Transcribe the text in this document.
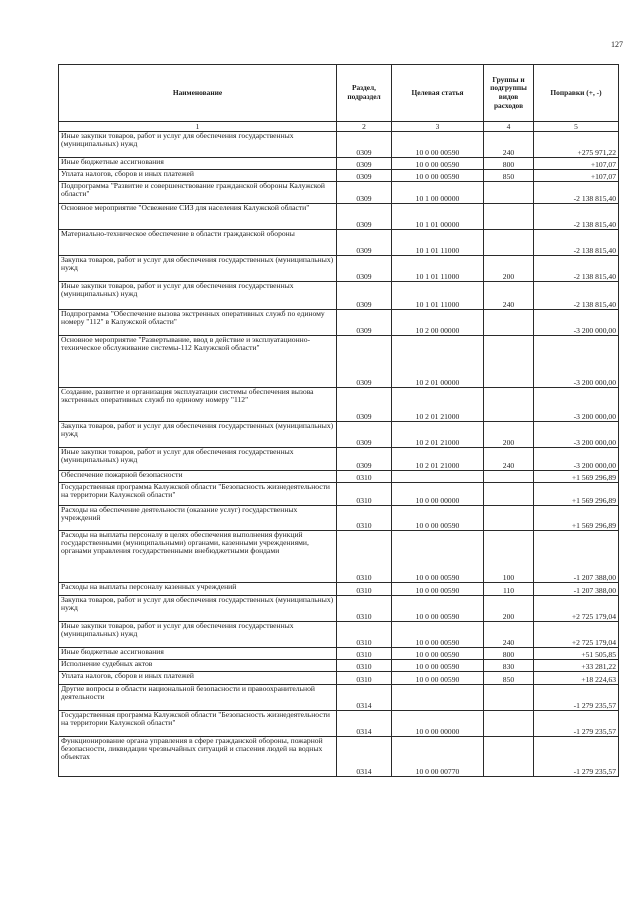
127
Наименование	Раздел, подраздел	Целевая статья	Группы и подгруппы видов расходов	Поправки (+, -)
1	2	3	4	5
Иные закупки товаров, работ и услуг для обеспечения государственных (муниципальных) нужд	0309	10 0 00 00590	240	+275 971,22
Иные бюджетные ассигнования	0309	10 0 00 00590	800	+107,07
Уплата налогов, сборов и иных платежей	0309	10 0 00 00590	850	+107,07
Подпрограмма "Развитие и совершенствование гражданской обороны Калужской области"	0309	10 1 00 00000		-2 138 815,40
Основное мероприятие "Освежение СИЗ для населения Калужской области"	0309	10 1 01 00000		-2 138 815,40
Материально-техническое обеспечение в области гражданской обороны	0309	10 1 01 11000		-2 138 815,40
Закупка товаров, работ и услуг для обеспечения государственных (муниципальных) нужд	0309	10 1 01 11000	200	-2 138 815,40
Иные закупки товаров, работ и услуг для обеспечения государственных (муниципальных) нужд	0309	10 1 01 11000	240	-2 138 815,40
Подпрограмма "Обеспечение вызова экстренных оперативных служб по единому номеру "112" в Калужской области"	0309	10 2 00 00000		-3 200 000,00
Основное мероприятие "Развертывание, ввод в действие и эксплуатационно-техническое обслуживание системы-112 Калужской области"	0309	10 2 01 00000		-3 200 000,00
Создание, развитие и организация эксплуатации системы обеспечения вызова экстренных оперативных служб по единому номеру "112"	0309	10 2 01 21000		-3 200 000,00
Закупка товаров, работ и услуг для обеспечения государственных (муниципальных) нужд	0309	10 2 01 21000	200	-3 200 000,00
Иные закупки товаров, работ и услуг для обеспечения государственных (муниципальных) нужд	0309	10 2 01 21000	240	-3 200 000,00
Обеспечение пожарной безопасности	0310			+1 569 296,89
Государственная программа Калужской области "Безопасность жизнедеятельности на территории Калужской области"	0310	10 0 00 00000		+1 569 296,89
Расходы на обеспечение деятельности (оказание услуг) государственных учреждений	0310	10 0 00 00590		+1 569 296,89
Расходы на выплаты персоналу в целях обеспечения выполнения функций государственными (муниципальными) органами, казенными учреждениями, органами управления государственными внебюджетными фондами	0310	10 0 00 00590	100	-1 207 388,00
Расходы на выплаты персоналу казенных учреждений	0310	10 0 00 00590	110	-1 207 388,00
Закупка товаров, работ и услуг для обеспечения государственных (муниципальных) нужд	0310	10 0 00 00590	200	+2 725 179,04
Иные закупки товаров, работ и услуг для обеспечения государственных (муниципальных) нужд	0310	10 0 00 00590	240	+2 725 179,04
Иные бюджетные ассигнования	0310	10 0 00 00590	800	+51 505,85
Исполнение судебных актов	0310	10 0 00 00590	830	+33 281,22
Уплата налогов, сборов и иных платежей	0310	10 0 00 00590	850	+18 224,63
Другие вопросы в области национальной безопасности и правоохранительной деятельности	0314			-1 279 235,57
Государственная программа Калужской области "Безопасность жизнедеятельности на территории Калужской области"	0314	10 0 00 00000		-1 279 235,57
Функционирование органа управления в сфере гражданской обороны, пожарной безопасности, ликвидации чрезвычайных ситуаций и спасения людей на водных объектах	0314	10 0 00 00770		-1 279 235,57
